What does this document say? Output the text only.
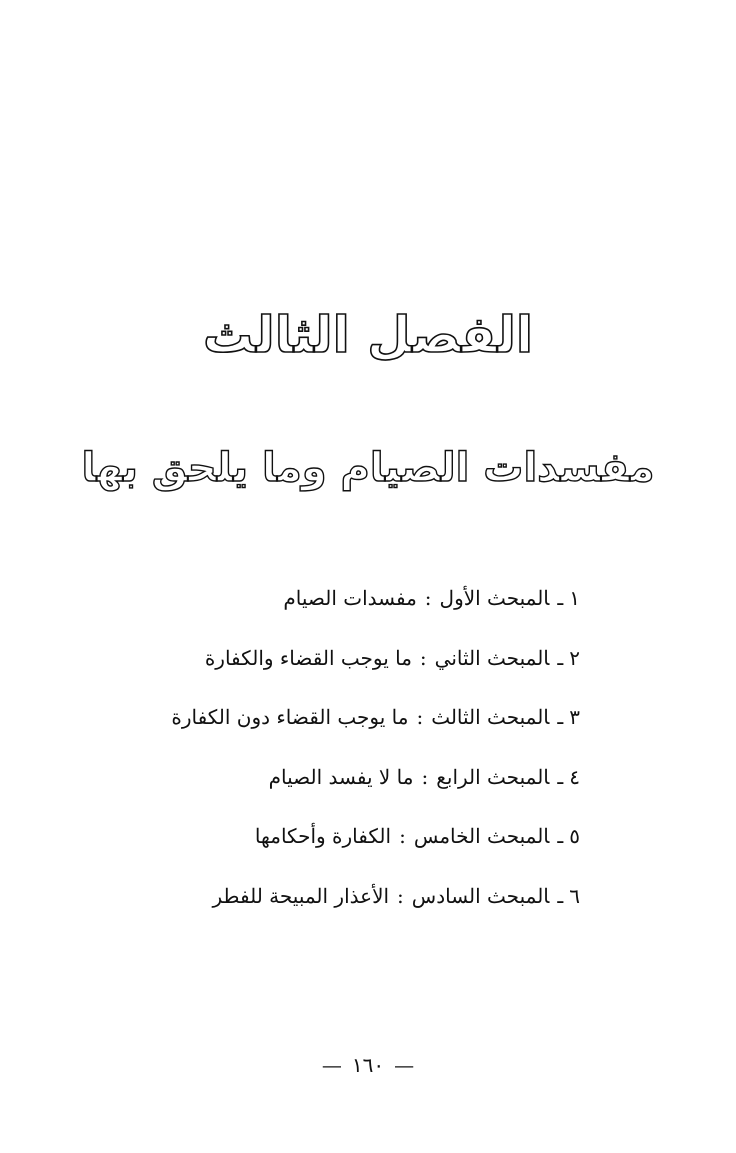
الفصل الثالث
مفسدات الصيام وما يلحق بها
١ـالمبحث الأول:مفسدات الصيام
٢ـالمبحث الثاني:ما يوجب القضاء والكفارة
٣ـالمبحث الثالث:ما يوجب القضاء دون الكفارة
٤ـالمبحث الرابع:ما لا يفسد الصيام
٥ـالمبحث الخامس:الكفارة وأحكامها
٦ـالمبحث السادس:الأعذار المبيحة للفطر
—١٦٠—
